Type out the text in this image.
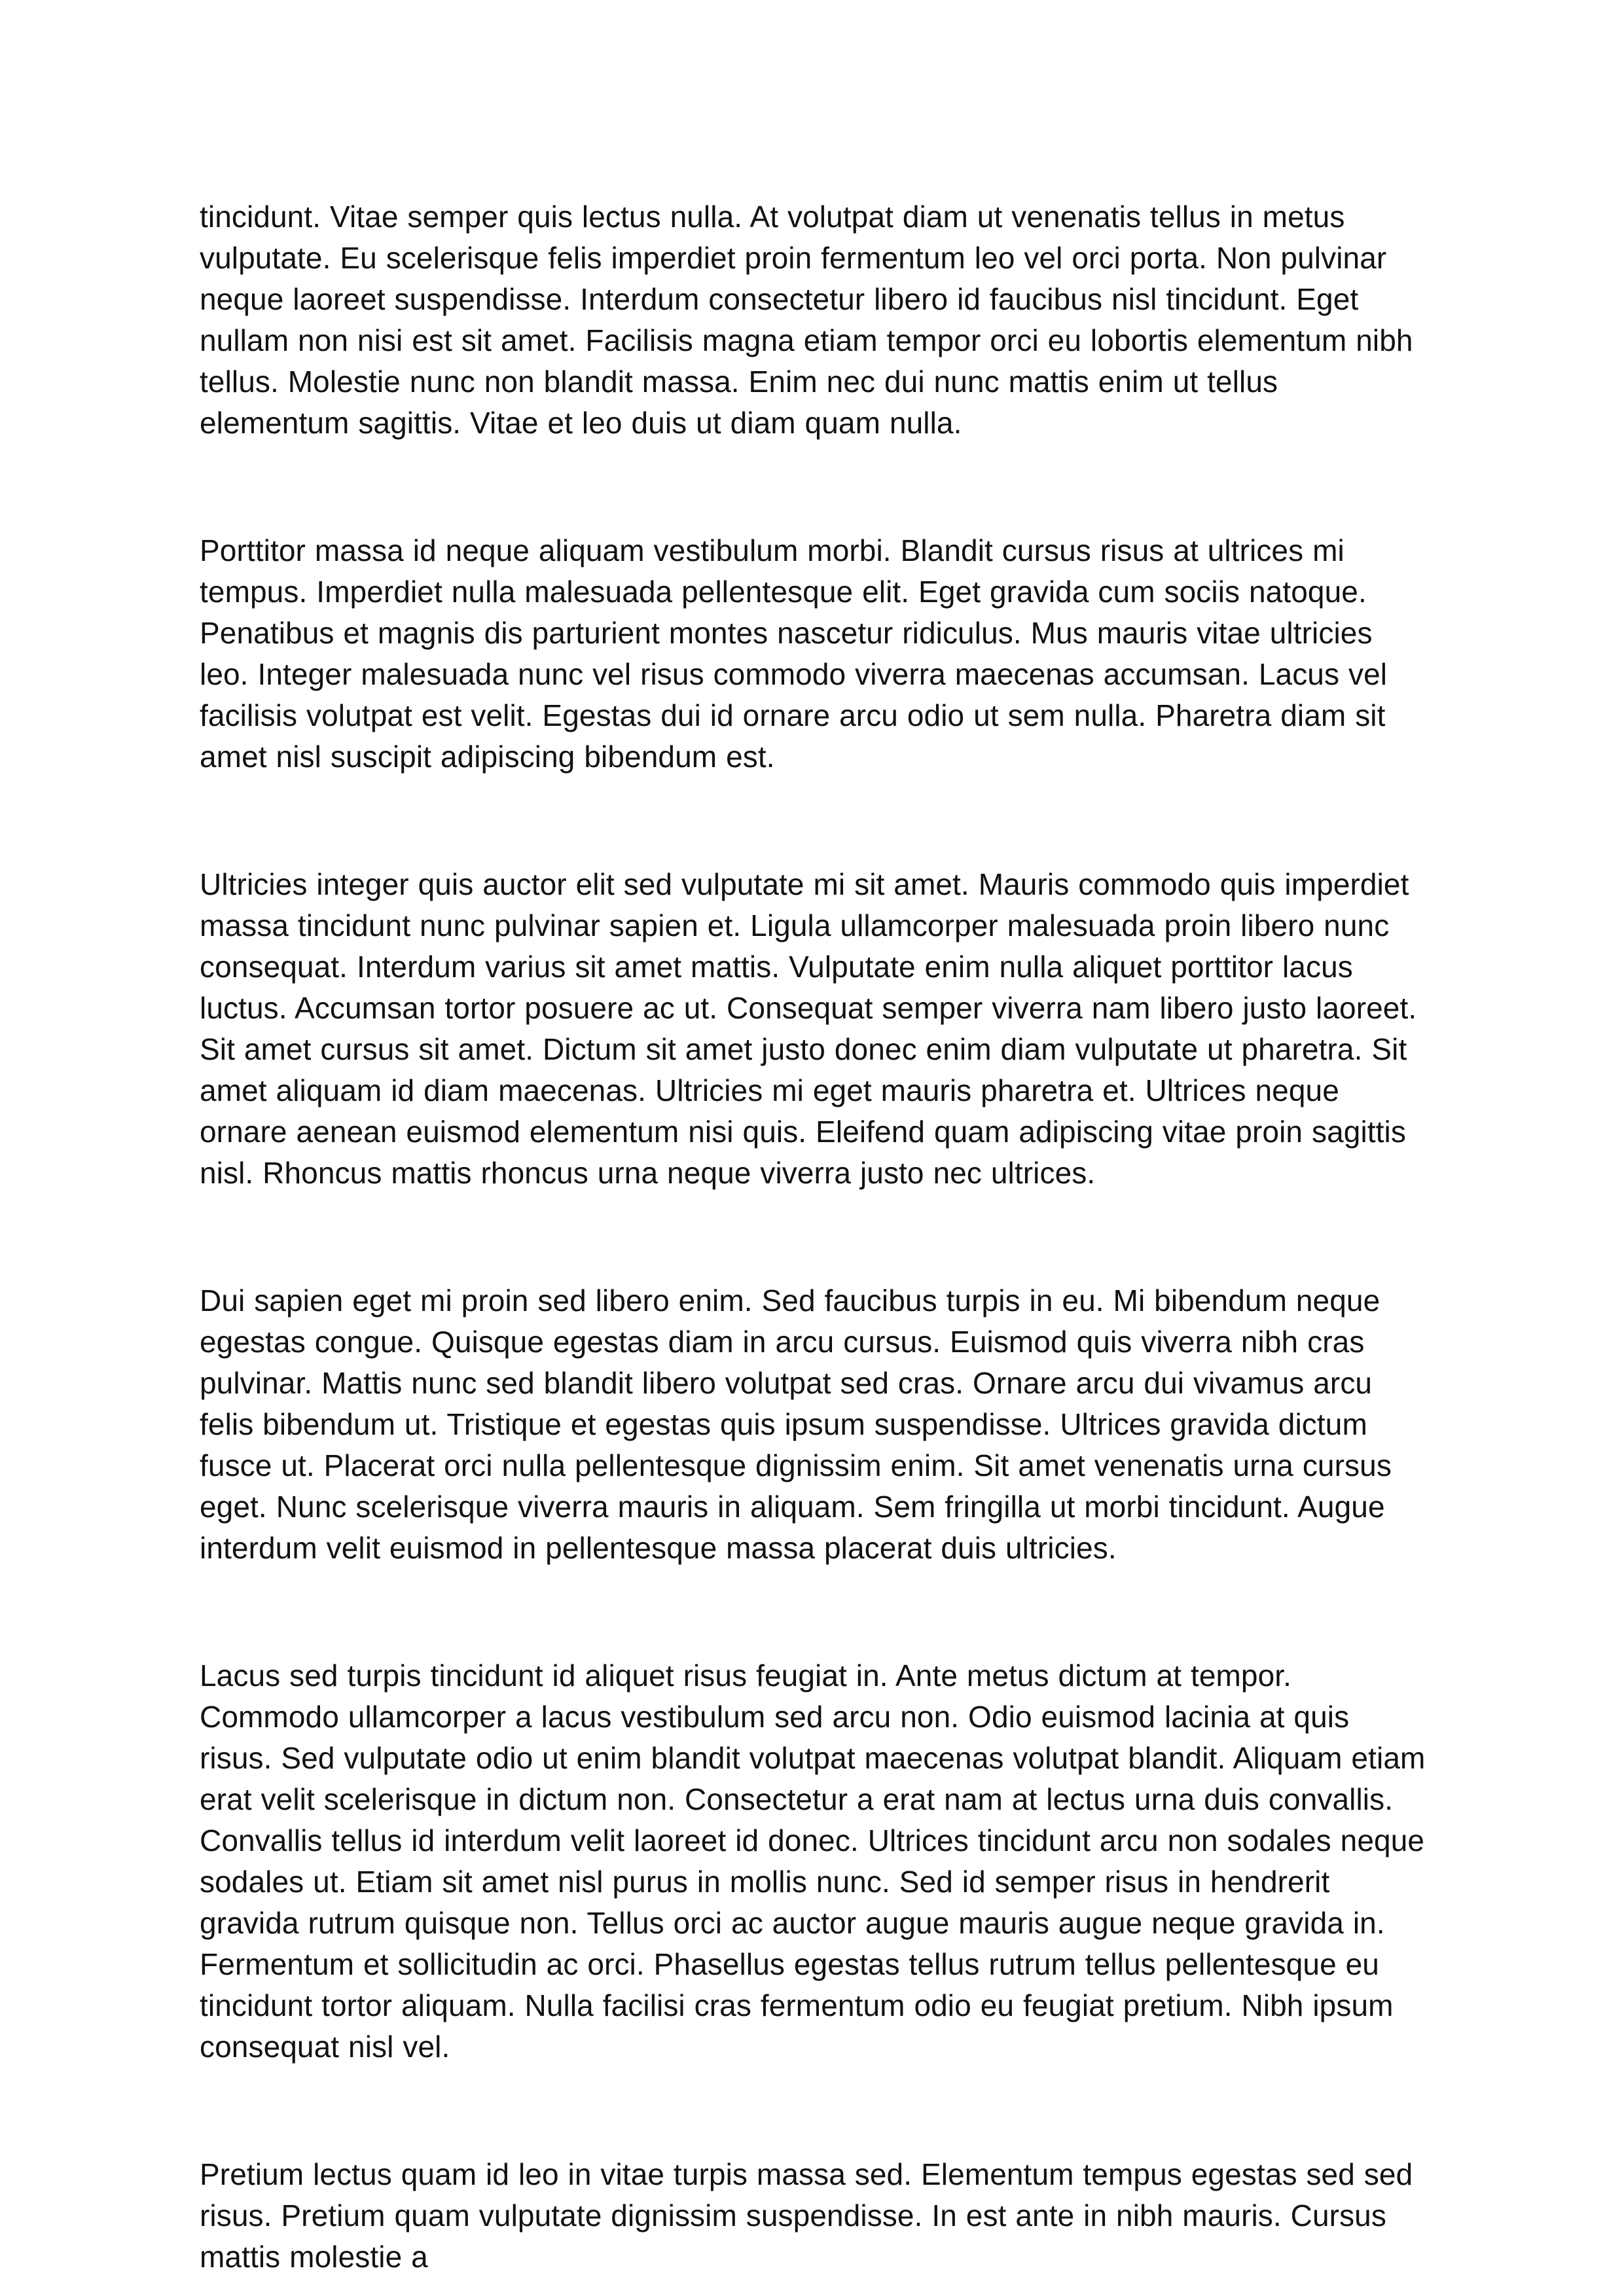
tincidunt. Vitae semper quis lectus nulla. At volutpat diam ut venenatis tellus in metus vulputate. Eu scelerisque felis imperdiet proin fermentum leo vel orci porta. Non pulvinar neque laoreet suspendisse. Interdum consectetur libero id faucibus nisl tincidunt. Eget nullam non nisi est sit amet. Facilisis magna etiam tempor orci eu lobortis elementum nibh tellus. Molestie nunc non blandit massa. Enim nec dui nunc mattis enim ut tellus elementum sagittis. Vitae et leo duis ut diam quam nulla.

Porttitor massa id neque aliquam vestibulum morbi. Blandit cursus risus at ultrices mi tempus. Imperdiet nulla malesuada pellentesque elit. Eget gravida cum sociis natoque. Penatibus et magnis dis parturient montes nascetur ridiculus. Mus mauris vitae ultricies leo. Integer malesuada nunc vel risus commodo viverra maecenas accumsan. Lacus vel facilisis volutpat est velit. Egestas dui id ornare arcu odio ut sem nulla. Pharetra diam sit amet nisl suscipit adipiscing bibendum est.

Ultricies integer quis auctor elit sed vulputate mi sit amet. Mauris commodo quis imperdiet massa tincidunt nunc pulvinar sapien et. Ligula ullamcorper malesuada proin libero nunc consequat. Interdum varius sit amet mattis. Vulputate enim nulla aliquet porttitor lacus luctus. Accumsan tortor posuere ac ut. Consequat semper viverra nam libero justo laoreet. Sit amet cursus sit amet. Dictum sit amet justo donec enim diam vulputate ut pharetra. Sit amet aliquam id diam maecenas. Ultricies mi eget mauris pharetra et. Ultrices neque ornare aenean euismod elementum nisi quis. Eleifend quam adipiscing vitae proin sagittis nisl. Rhoncus mattis rhoncus urna neque viverra justo nec ultrices.

Dui sapien eget mi proin sed libero enim. Sed faucibus turpis in eu. Mi bibendum neque egestas congue. Quisque egestas diam in arcu cursus. Euismod quis viverra nibh cras pulvinar. Mattis nunc sed blandit libero volutpat sed cras. Ornare arcu dui vivamus arcu felis bibendum ut. Tristique et egestas quis ipsum suspendisse. Ultrices gravida dictum fusce ut. Placerat orci nulla pellentesque dignissim enim. Sit amet venenatis urna cursus eget. Nunc scelerisque viverra mauris in aliquam. Sem fringilla ut morbi tincidunt. Augue interdum velit euismod in pellentesque massa placerat duis ultricies.

Lacus sed turpis tincidunt id aliquet risus feugiat in. Ante metus dictum at tempor. Commodo ullamcorper a lacus vestibulum sed arcu non. Odio euismod lacinia at quis risus. Sed vulputate odio ut enim blandit volutpat maecenas volutpat blandit. Aliquam etiam erat velit scelerisque in dictum non. Consectetur a erat nam at lectus urna duis convallis. Convallis tellus id interdum velit laoreet id donec. Ultrices tincidunt arcu non sodales neque sodales ut. Etiam sit amet nisl purus in mollis nunc. Sed id semper risus in hendrerit gravida rutrum quisque non. Tellus orci ac auctor augue mauris augue neque gravida in. Fermentum et sollicitudin ac orci. Phasellus egestas tellus rutrum tellus pellentesque eu tincidunt tortor aliquam. Nulla facilisi cras fermentum odio eu feugiat pretium. Nibh ipsum consequat nisl vel.

Pretium lectus quam id leo in vitae turpis massa sed. Elementum tempus egestas sed sed risus. Pretium quam vulputate dignissim suspendisse. In est ante in nibh mauris. Cursus mattis molestie a
